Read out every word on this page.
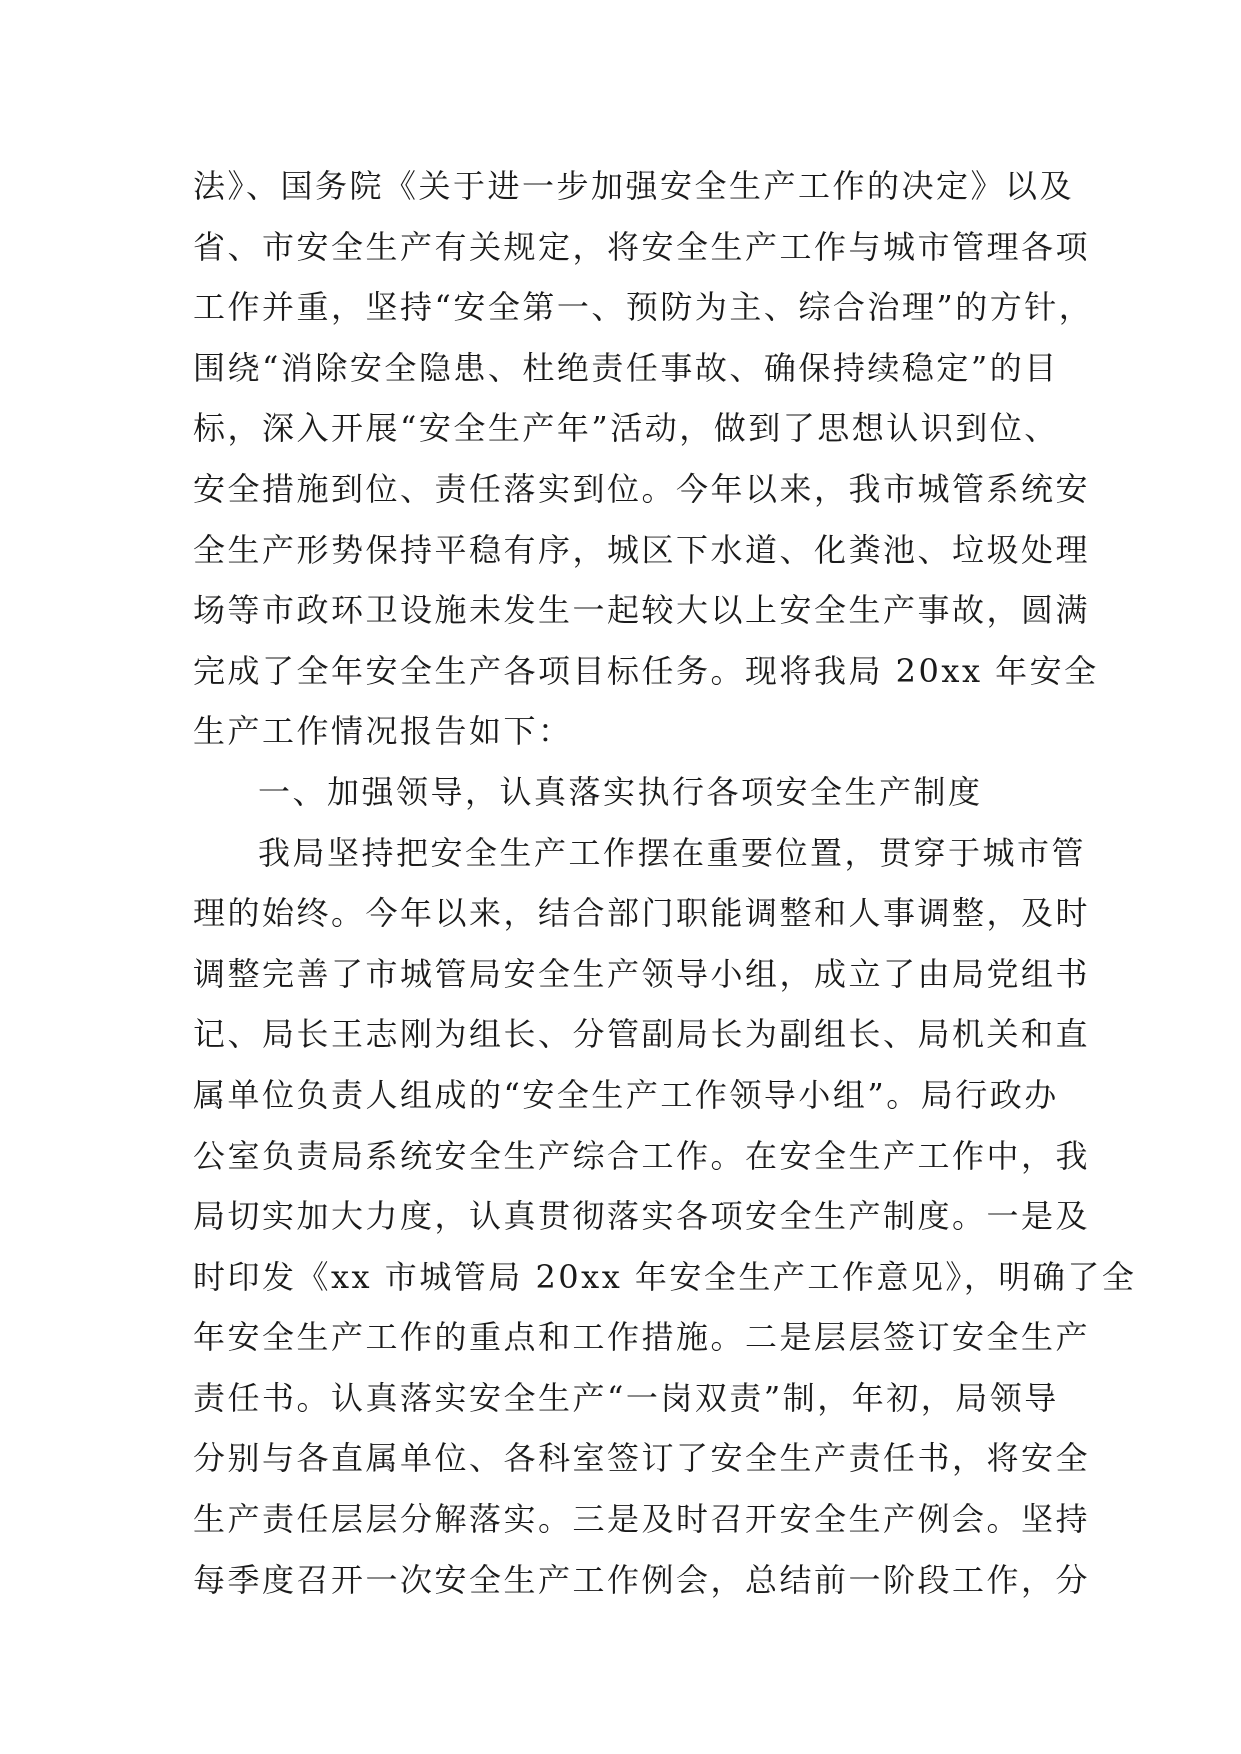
法》、国务院《关于进一步加强安全生产工作的决定》以及
省、市安全生产有关规定，将安全生产工作与城市管理各项
工作并重，坚持“安全第一、预防为主、综合治理”的方针，
围绕“消除安全隐患、杜绝责任事故、确保持续稳定”的目
标，深入开展“安全生产年”活动，做到了思想认识到位、
安全措施到位、责任落实到位。今年以来，我市城管系统安
全生产形势保持平稳有序，城区下水道、化粪池、垃圾处理
场等市政环卫设施未发生一起较大以上安全生产事故，圆满
完成了全年安全生产各项目标任务。现将我局 20xx 年安全
生产工作情况报告如下：
一、加强领导，认真落实执行各项安全生产制度
我局坚持把安全生产工作摆在重要位置，贯穿于城市管
理的始终。今年以来，结合部门职能调整和人事调整，及时
调整完善了市城管局安全生产领导小组，成立了由局党组书
记、局长王志刚为组长、分管副局长为副组长、局机关和直
属单位负责人组成的“安全生产工作领导小组”。局行政办
公室负责局系统安全生产综合工作。在安全生产工作中，我
局切实加大力度，认真贯彻落实各项安全生产制度。一是及
时印发《xx 市城管局 20xx 年安全生产工作意见》，明确了全
年安全生产工作的重点和工作措施。二是层层签订安全生产
责任书。认真落实安全生产“一岗双责”制，年初，局领导
分别与各直属单位、各科室签订了安全生产责任书，将安全
生产责任层层分解落实。三是及时召开安全生产例会。坚持
每季度召开一次安全生产工作例会，总结前一阶段工作，分
